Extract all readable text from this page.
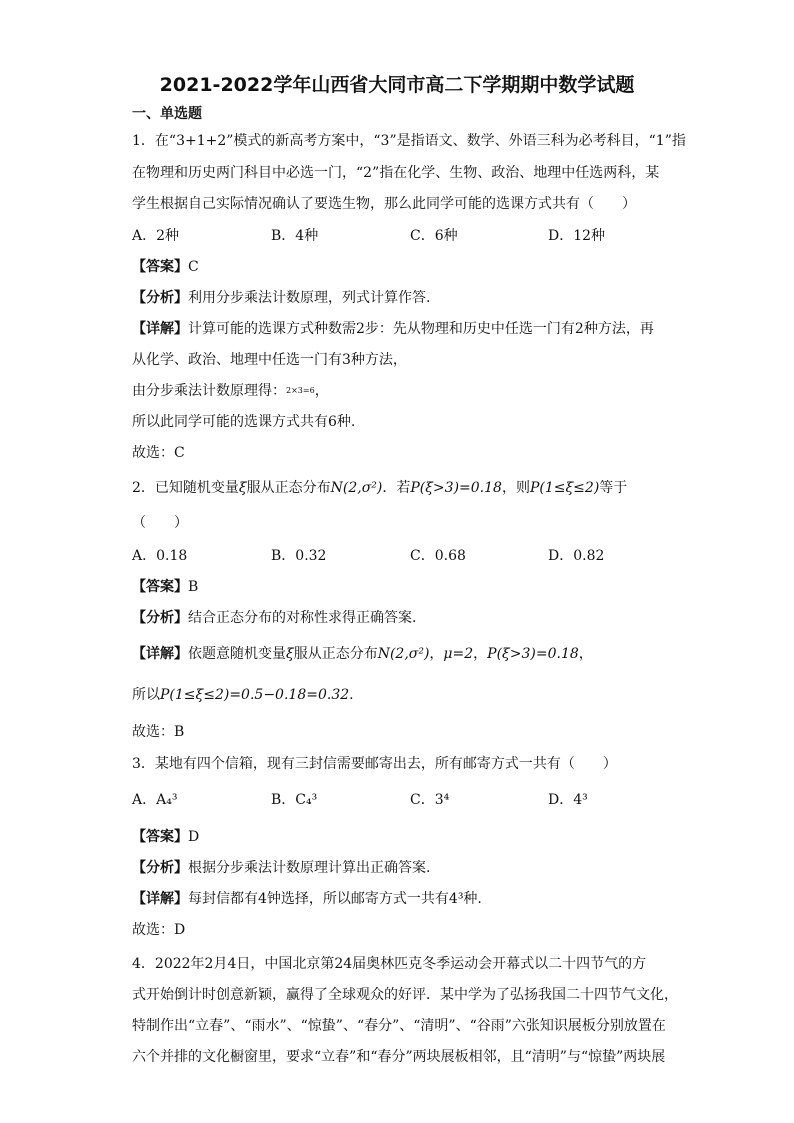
2021-2022学年山西省大同市高二下学期期中数学试题
一、单选题
1．在“3+1+2”模式的新高考方案中，“3”是指语文、数学、外语三科为必考科目，“1”指
在物理和历史两门科目中必选一门，“2”指在化学、生物、政治、地理中任选两科，某
学生根据自己实际情况确认了要选生物，那么此同学可能的选课方式共有（　　）
A．2种	B．4种	C．6种	D．12种
【答案】C
【分析】利用分步乘法计数原理，列式计算作答.
【详解】计算可能的选课方式种数需2步：先从物理和历史中任选一门有2种方法，再
从化学、政治、地理中任选一门有3种方法，
由分步乘法计数原理得：2×3=6，
所以此同学可能的选课方式共有6种.
故选：C
2．已知随机变量ξ服从正态分布N(2,σ²)．若P(ξ>3)=0.18，则P(1≤ξ≤2)等于
（　　）
A．0.18	B．0.32	C．0.68	D．0.82
【答案】B
【分析】结合正态分布的对称性求得正确答案.
【详解】依题意随机变量ξ服从正态分布N(2,σ²)，μ=2，P(ξ>3)=0.18，
所以P(1≤ξ≤2)=0.5−0.18=0.32.
故选：B
3．某地有四个信箱，现有三封信需要邮寄出去，所有邮寄方式一共有（　　）
A．A₄³	B．C₄³	C．3⁴	D．4³
【答案】D
【分析】根据分步乘法计数原理计算出正确答案.
【详解】每封信都有4钟选择，所以邮寄方式一共有4³种.
故选：D
4．2022年2月4日，中国北京第24届奥林匹克冬季运动会开幕式以二十四节气的方
式开始倒计时创意新颖，赢得了全球观众的好评．某中学为了弘扬我国二十四节气文化，
特制作出“立春”、“雨水”、“惊蛰”、“春分”、“清明”、“谷雨”六张知识展板分别放置在
六个并排的文化橱窗里，要求“立春”和“春分”两块展板相邻，且“清明”与“惊蛰”两块展
